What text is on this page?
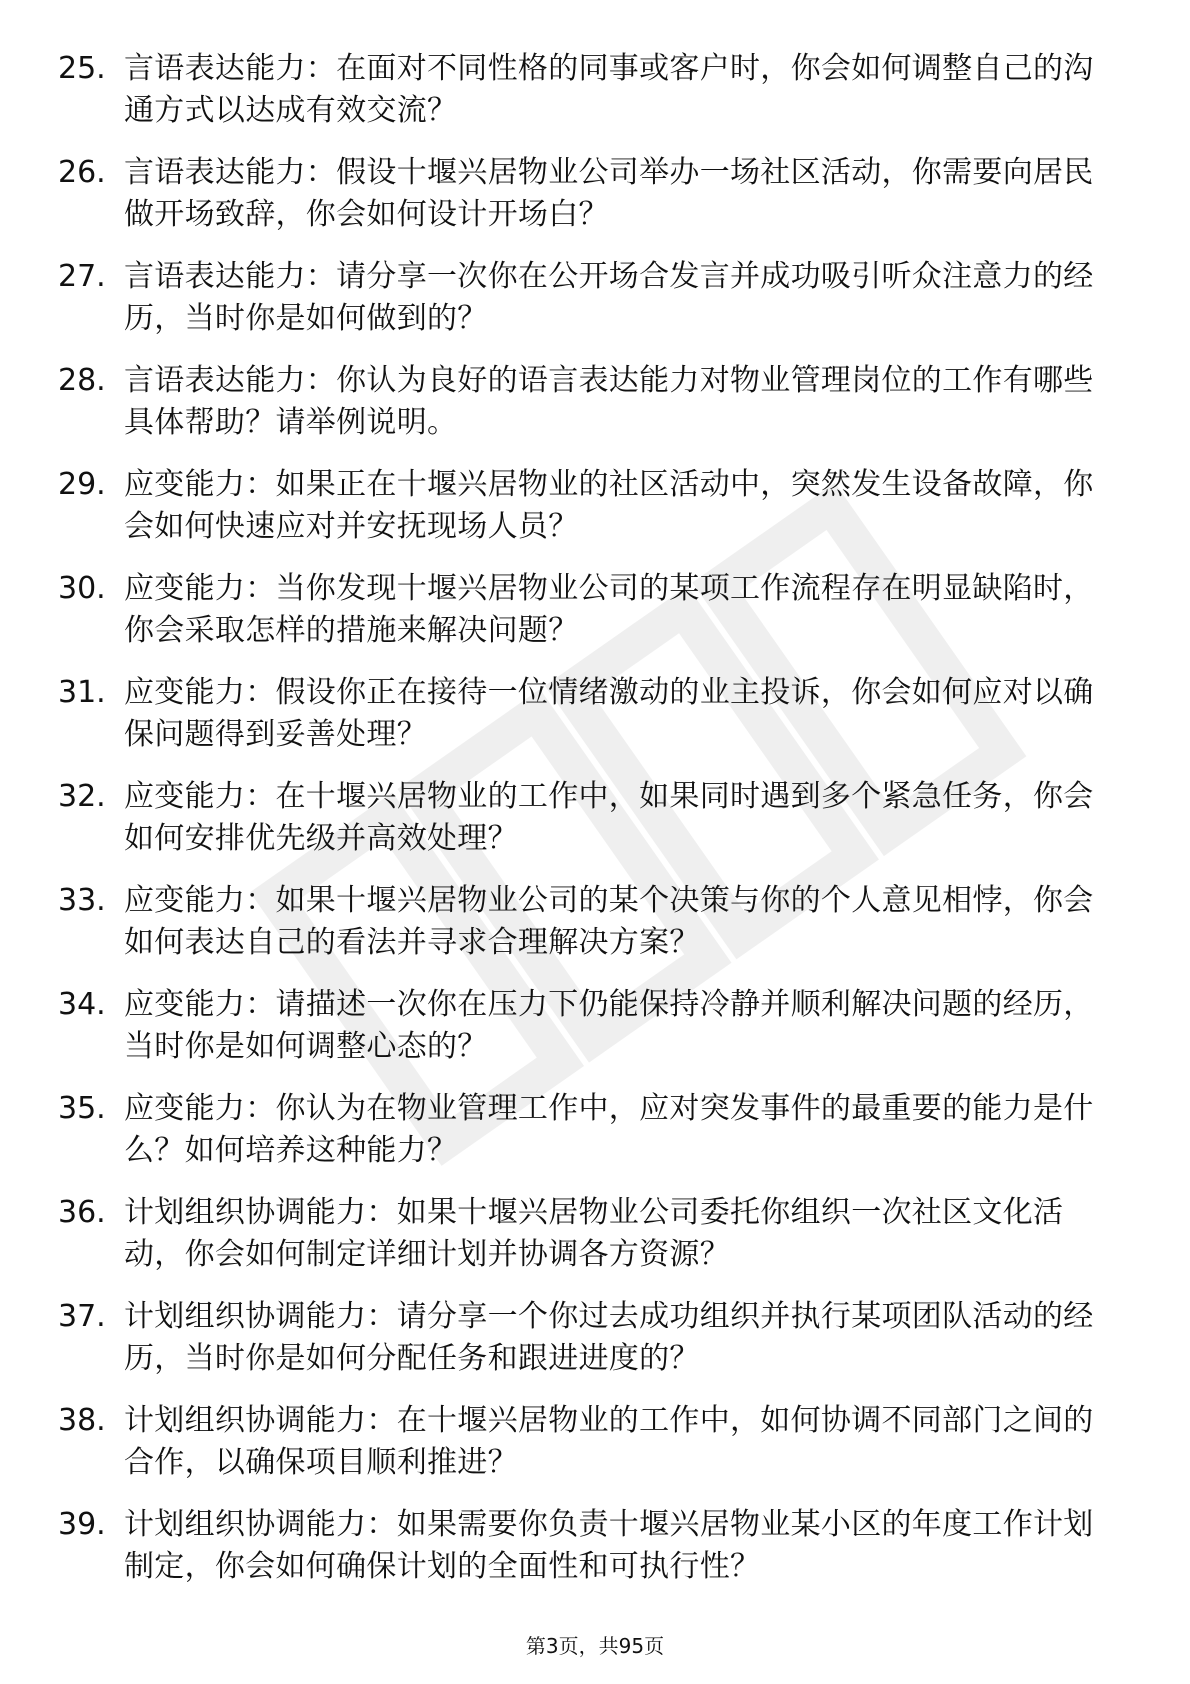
25. 言语表达能力：在面对不同性格的同事或客户时，你会如何调整自己的沟通方式以达成有效交流？
26. 言语表达能力：假设十堰兴居物业公司举办一场社区活动，你需要向居民做开场致辞，你会如何设计开场白？
27. 言语表达能力：请分享一次你在公开场合发言并成功吸引听众注意力的经历，当时你是如何做到的？
28. 言语表达能力：你认为良好的语言表达能力对物业管理岗位的工作有哪些具体帮助？请举例说明。
29. 应变能力：如果正在十堰兴居物业的社区活动中，突然发生设备故障，你会如何快速应对并安抚现场人员？
30. 应变能力：当你发现十堰兴居物业公司的某项工作流程存在明显缺陷时，你会采取怎样的措施来解决问题？
31. 应变能力：假设你正在接待一位情绪激动的业主投诉，你会如何应对以确保问题得到妥善处理？
32. 应变能力：在十堰兴居物业的工作中，如果同时遇到多个紧急任务，你会如何安排优先级并高效处理？
33. 应变能力：如果十堰兴居物业公司的某个决策与你的个人意见相悖，你会如何表达自己的看法并寻求合理解决方案？
34. 应变能力：请描述一次你在压力下仍能保持冷静并顺利解决问题的经历，当时你是如何调整心态的？
35. 应变能力：你认为在物业管理工作中，应对突发事件的最重要的能力是什么？如何培养这种能力？
36. 计划组织协调能力：如果十堰兴居物业公司委托你组织一次社区文化活动，你会如何制定详细计划并协调各方资源？
37. 计划组织协调能力：请分享一个你过去成功组织并执行某项团队活动的经历，当时你是如何分配任务和跟进进度的？
38. 计划组织协调能力：在十堰兴居物业的工作中，如何协调不同部门之间的合作，以确保项目顺利推进？
39. 计划组织协调能力：如果需要你负责十堰兴居物业某小区的年度工作计划制定，你会如何确保计划的全面性和可执行性？
第3页，共95页
